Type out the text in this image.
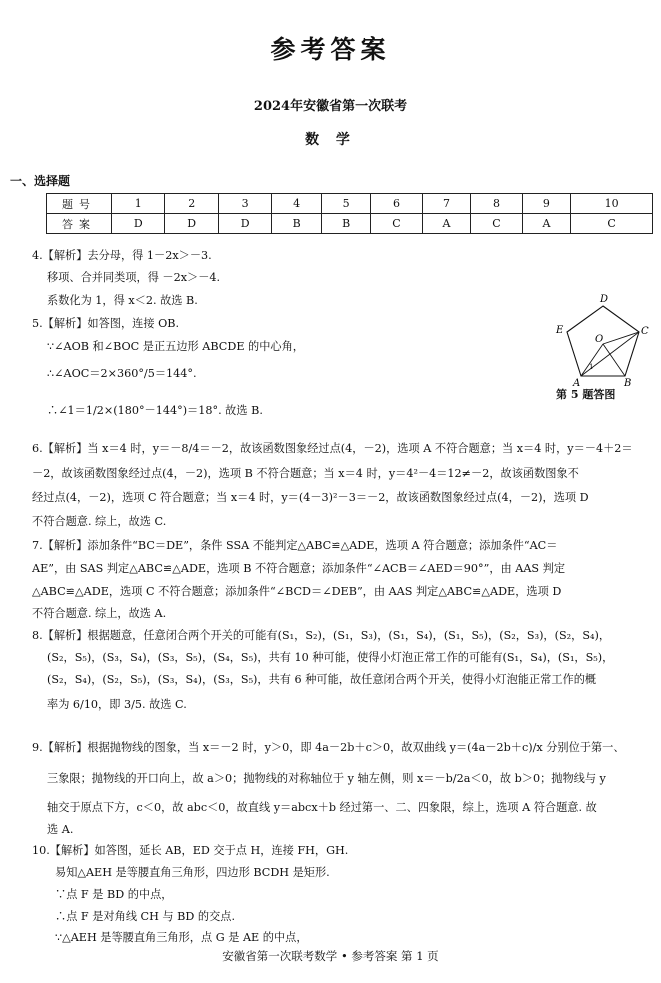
参考答案
2024年安徽省第一次联考
数 学
一、选择题
题号	1	2	3	4	5	6	7	8	9	10
答案	D	D	D	B	B	C	A	C	A	C
4.【解析】去分母，得 1－2x＞－3.
移项、合并同类项，得 －2x＞－4.
系数化为 1，得 x＜2. 故选 B.
5.【解析】如答图，连接 OB.
∵∠AOB 和∠BOC 是正五边形 ABCDE 的中心角，
∴∠AOC＝2×360°/5＝144°.
∴∠1＝1/2×(180°－144°)＝18°. 故选 B.
D
E
O
C
1
A	B
第 5 题答图
6.【解析】当 x＝4 时，y＝－8/4＝－2，故该函数图象经过点(4，－2)，选项 A 不符合题意；当 x＝4 时，y＝－4＋2＝
－2，故该函数图象经过点(4，－2)，选项 B 不符合题意；当 x＝4 时，y＝4²－4＝12≠－2，故该函数图象不
经过点(4，－2)，选项 C 符合题意；当 x＝4 时，y＝(4－3)²－3＝－2，故该函数图象经过点(4，－2)，选项 D
不符合题意. 综上，故选 C.
7.【解析】添加条件“BC＝DE”，条件 SSA 不能判定△ABC≌△ADE，选项 A 符合题意；添加条件“AC＝
AE”，由 SAS 判定△ABC≌△ADE，选项 B 不符合题意；添加条件“∠ACB＝∠AED＝90°”，由 AAS 判定
△ABC≌△ADE，选项 C 不符合题意；添加条件“∠BCD＝∠DEB”，由 AAS 判定△ABC≌△ADE，选项 D
不符合题意. 综上，故选 A.
8.【解析】根据题意，任意闭合两个开关的可能有(S₁，S₂)，(S₁，S₃)，(S₁，S₄)，(S₁，S₅)，(S₂，S₃)，(S₂，S₄)，
(S₂，S₅)，(S₃，S₄)，(S₃，S₅)，(S₄，S₅)，共有 10 种可能，使得小灯泡正常工作的可能有(S₁，S₄)，(S₁，S₅)，
(S₂，S₄)，(S₂，S₅)，(S₃，S₄)，(S₃，S₅)，共有 6 种可能，故任意闭合两个开关，使得小灯泡能正常工作的概
率为 6/10，即 3/5. 故选 C.
9.【解析】根据抛物线的图象，当 x＝－2 时，y＞0，即 4a－2b＋c＞0，故双曲线 y＝(4a－2b＋c)/x 分别位于第一、
三象限；抛物线的开口向上，故 a＞0；抛物线的对称轴位于 y 轴左侧，则 x＝－b/2a＜0，故 b＞0；抛物线与 y
轴交于原点下方，c＜0，故 abc＜0，故直线 y＝abcx＋b 经过第一、二、四象限，综上，选项 A 符合题意. 故
选 A.
10.【解析】如答图，延长 AB，ED 交于点 H，连接 FH，GH.
易知△AEH 是等腰直角三角形，四边形 BCDH 是矩形.
∵点 F 是 BD 的中点，
∴点 F 是对角线 CH 与 BD 的交点.
∵△AEH 是等腰直角三角形，点 G 是 AE 的中点，
安徽省第一次联考数学 • 参考答案 第 1 页
